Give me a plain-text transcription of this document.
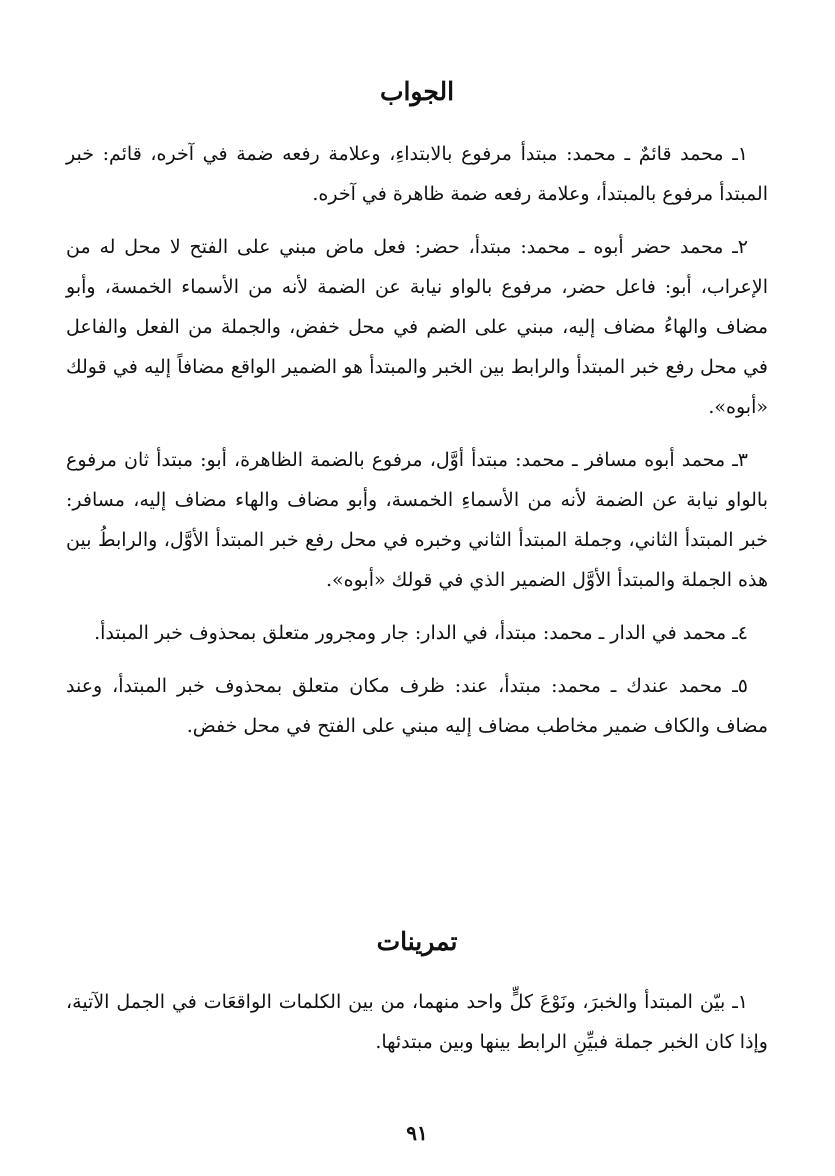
الجواب

١ـ محمد قائمٌ ـ محمد: مبتدأ مرفوع بالابتداءِ، وعلامة رفعه ضمة في آخره، قائم: خبر المبتدأ مرفوع بالمبتدأ، وعلامة رفعه ضمة ظاهرة في آخره.

٢ـ محمد حضر أبوه ـ محمد: مبتدأ، حضر: فعل ماض مبني على الفتح لا محل له من الإعراب، أبو: فاعل حضر، مرفوع بالواو نيابة عن الضمة لأنه من الأسماء الخمسة، وأبو مضاف والهاءُ مضاف إليه، مبني على الضم في محل خفض، والجملة من الفعل والفاعل في محل رفع خبر المبتدأ والرابط بين الخبر والمبتدأ هو الضمير الواقع مضافاً إليه في قولك «أبوه».

٣ـ محمد أبوه مسافر ـ محمد: مبتدأ أوَّل، مرفوع بالضمة الظاهرة، أبو: مبتدأ ثان مرفوع بالواو نيابة عن الضمة لأنه من الأسماءِ الخمسة، وأبو مضاف والهاء مضاف إليه، مسافر: خبر المبتدأ الثاني، وجملة المبتدأ الثاني وخبره في محل رفع خبر المبتدأ الأوَّل، والرابطُ بين هذه الجملة والمبتدأ الأوَّل الضمير الذي في قولك «أبوه».

٤ـ محمد في الدار ـ محمد: مبتدأ، في الدار: جار ومجرور متعلق بمحذوف خبر المبتدأ.

٥ـ محمد عندك ـ محمد: مبتدأ، عند: ظرف مكان متعلق بمحذوف خبر المبتدأ، وعند مضاف والكاف ضمير مخاطب مضاف إليه مبني على الفتح في محل خفض.

تمرينات

١ـ بيّن المبتدأ والخبرَ، ونَوْعَ كلٍّ واحد منهما، من بين الكلمات الواقعَات في الجمل الآتية، وإذا كان الخبر جملة فبيِّنِ الرابط بينها وبين مبتدئها.

٩١
